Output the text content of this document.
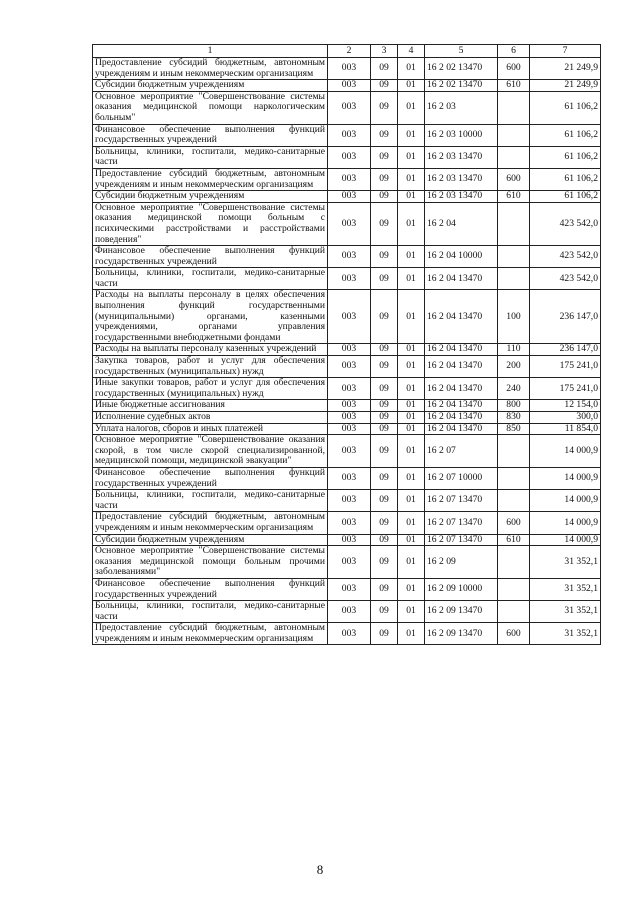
1	2	3	4	5	6	7
Предоставление субсидий бюджетным, автономным учреждениям и иным некоммерческим организациям	003	09	01	16 2 02 13470	600	21 249,9
Субсидии бюджетным учреждениям	003	09	01	16 2 02 13470	610	21 249,9
Основное мероприятие "Совершенствование системы оказания медицинской помощи наркологическим больным"	003	09	01	16 2 03		61 106,2
Финансовое обеспечение выполнения функций государственных учреждений	003	09	01	16 2 03 10000		61 106,2
Больницы, клиники, госпитали, медико-санитарные части	003	09	01	16 2 03 13470		61 106,2
Предоставление субсидий бюджетным, автономным учреждениям и иным некоммерческим организациям	003	09	01	16 2 03 13470	600	61 106,2
Субсидии бюджетным учреждениям	003	09	01	16 2 03 13470	610	61 106,2
Основное мероприятие "Совершенствование системы оказания медицинской помощи больным с психическими расстройствами и расстройствами поведения"	003	09	01	16 2 04		423 542,0
Финансовое обеспечение выполнения функций государственных учреждений	003	09	01	16 2 04 10000		423 542,0
Больницы, клиники, госпитали, медико-санитарные части	003	09	01	16 2 04 13470		423 542,0
Расходы на выплаты персоналу в целях обеспечения выполнения функций государственными (муниципальными) органами, казенными учреждениями, органами управления государственными внебюджетными фондами	003	09	01	16 2 04 13470	100	236 147,0
Расходы на выплаты персоналу казенных учреждений	003	09	01	16 2 04 13470	110	236 147,0
Закупка товаров, работ и услуг для обеспечения государственных (муниципальных) нужд	003	09	01	16 2 04 13470	200	175 241,0
Иные закупки товаров, работ и услуг для обеспечения государственных (муниципальных) нужд	003	09	01	16 2 04 13470	240	175 241,0
Иные бюджетные ассигнования	003	09	01	16 2 04 13470	800	12 154,0
Исполнение судебных актов	003	09	01	16 2 04 13470	830	300,0
Уплата налогов, сборов и иных платежей	003	09	01	16 2 04 13470	850	11 854,0
Основное мероприятие "Совершенствование оказания скорой, в том числе скорой специализированной, медицинской помощи, медицинской эвакуации"	003	09	01	16 2 07		14 000,9
Финансовое обеспечение выполнения функций государственных учреждений	003	09	01	16 2 07 10000		14 000,9
Больницы, клиники, госпитали, медико-санитарные части	003	09	01	16 2 07 13470		14 000,9
Предоставление субсидий бюджетным, автономным учреждениям и иным некоммерческим организациям	003	09	01	16 2 07 13470	600	14 000,9
Субсидии бюджетным учреждениям	003	09	01	16 2 07 13470	610	14 000,9
Основное мероприятие "Совершенствование системы оказания медицинской помощи больным прочими заболеваниями"	003	09	01	16 2 09		31 352,1
Финансовое обеспечение выполнения функций государственных учреждений	003	09	01	16 2 09 10000		31 352,1
Больницы, клиники, госпитали, медико-санитарные части	003	09	01	16 2 09 13470		31 352,1
Предоставление субсидий бюджетным, автономным учреждениям и иным некоммерческим организациям	003	09	01	16 2 09 13470	600	31 352,1
8
